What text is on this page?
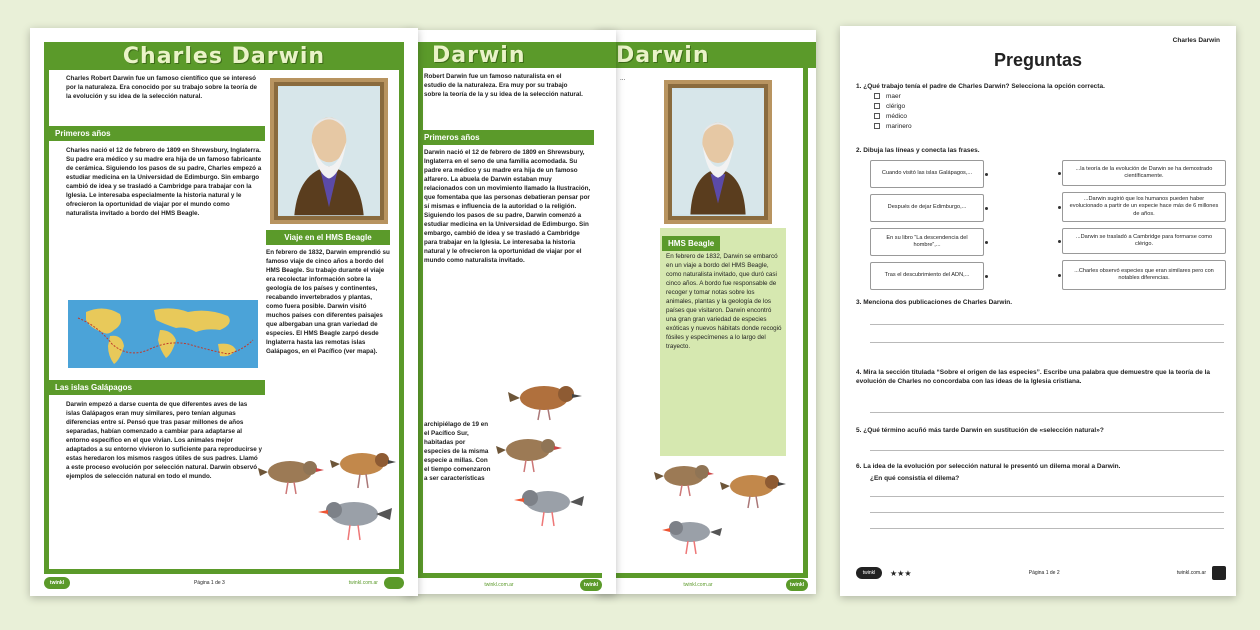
Charles Darwin
Preguntas
1. ¿Qué trabajo tenía el padre de Charles Darwin? Selecciona la opción correcta.
maer
clérigo
médico
marinero
2. Dibuja las líneas y conecta las frases.
Cuando visitó las islas Galápagos,...
Después de dejar Edimburgo,...
En su libro “La descendencia del hombre”,...
Tras el descubrimiento del ADN,...
...la teoría de la evolución de Darwin se ha demostrado científicamente.
...Darwin sugirió que los humanos pueden haber evolucionado a partir de un especie hace más de 6 millones de años.
...Darwin se trasladó a Cambridge para formarse como clérigo.
...Charles observó especies que eran similares pero con notables diferencias.
3. Menciona dos publicaciones de Charles Darwin.
4. Mira la sección titulada “Sobre el origen de las especies”. Escribe una palabra que demuestre que la teoría de la evolución de Charles no concordaba con las ideas de la Iglesia cristiana.
5. ¿Qué término acuñó más tarde Darwin en sustitución de «selección natural»?
6. La idea de la evolución por selección natural le presentó un dilema moral a Darwin.
¿En qué consistía el dilema?
twinkl	★★★	Página 1 de 2	twinkl.com.ar
Darwin
...
HMS Beagle
En febrero de 1832, Darwin se embarcó en un viaje a bordo del HMS Beagle, como naturalista invitado, que duró casi cinco años. A bordo fue responsable de recoger y tomar notas sobre los animales, plantas y la geología de los países que visitaron. Darwin encontró una gran gran variedad de especies exóticas y nuevos hábitats donde recogió fósiles y especímenes a lo largo del trayecto.
twinkl.com.ar	twinkl
Darwin
Robert Darwin fue un famoso naturalista en el estudio de la naturaleza. Era muy por su trabajo sobre la teoría de la y su idea de la selección natural.
Primeros años
Darwin nació el 12 de febrero de 1809 en Shrewsbury, Inglaterra en el seno de una familia acomodada. Su padre era médico y su madre era hija de un famoso alfarero. La abuela de Darwin estaban muy relacionados con un movimiento llamado la Ilustración, que fomentaba que las personas debatieran pensar por sí mismas e influencia de la autoridad o la religión. Siguiendo los pasos de su padre, Darwin comenzó a estudiar medicina en la Universidad de Edimburgo. Sin embargo, cambió de idea y se trasladó a Cambridge para trabajar en la Iglesia. Le interesaba la historia natural y le ofrecieron la oportunidad de viajar por el mundo como naturalista invitado.
archipiélago de 19 en el Pacífico Sur, habitadas por especies de la misma especie a millas. Con el tiempo comenzaron a ser características
twinkl.com.ar	twinkl
Charles Darwin
Charles Robert Darwin fue un famoso científico que se interesó por la naturaleza. Era conocido por su trabajo sobre la teoría de la evolución y su idea de la selección natural.
Primeros años
Charles nació el 12 de febrero de 1809 en Shrewsbury, Inglaterra. Su padre era médico y su madre era hija de un famoso fabricante de cerámica. Siguiendo los pasos de su padre, Charles empezó a estudiar medicina en la Universidad de Edimburgo. Sin embargo cambió de idea y se trasladó a Cambridge para trabajar con la Iglesia. Le interesaba especialmente la historia natural y le ofrecieron la oportunidad de viajar por el mundo como naturalista invitado a bordo del HMS Beagle.
Viaje en el HMS Beagle
En febrero de 1832, Darwin emprendió su famoso viaje de cinco años a bordo del HMS Beagle. Su trabajo durante el viaje era recolectar información sobre la geología de los países y continentes, recabando invertebrados y plantas, como fuera posible. Darwin visitó muchos países con diferentes paisajes que albergaban una gran variedad de especies. El HMS Beagle zarpó desde Inglaterra hasta las remotas islas Galápagos, en el Pacífico (ver mapa).
Las islas Galápagos
Darwin empezó a darse cuenta de que diferentes aves de las islas Galápagos eran muy similares, pero tenían algunas diferencias entre sí. Pensó que tras pasar millones de años separadas, habían comenzado a cambiar para adaptarse al entorno específico en el que vivían. Los animales mejor adaptados a su entorno vivieron lo suficiente para reproducirse y estas heredaron los mismos rasgos útiles de sus padres. Llamó a este proceso evolución por selección natural. Darwin observó ejemplos de selección natural en todo el mundo.
twinkl	Página 1 de 3	twinkl.com.ar
